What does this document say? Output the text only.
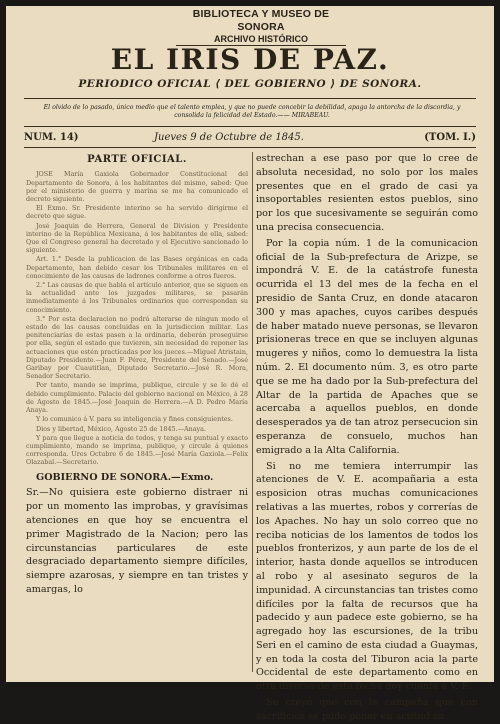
BIBLIOTECA Y MUSEO DE SONORA
ARCHIVO HISTÓRICO
EL IRIS DE PAZ.
PERIODICO OFICIAL ⟨ DEL GOBIERNO ⟩ DE SONORA.
El olvido de lo pasado, único medio que el talento emplea, y que no puede concebir la debilidad, apaga la antorcha de la discordia, y consolida la felicidad del Estado.—— MIRABEAU.
NUM. 14)	Jueves 9 de Octubre de 1845.	(TOM. I.)

PARTE OFICIAL.

JOSE María Gaxiola Gobernador Constitucional del Departamento de Sonora, á los habitantes del mismo, sabed: Que por el ministerio de guerra y marina se me ha comunicado el decreto siguiente.

El Exmo. Sr. Presidente interino se ha servido dirigirme el decreto que sigue.

José Joaquin de Herrera, General de Division y Presidente interino de la República Mexicana, á los habitantes de ella, sabed: Que el Congreso general ha decretado y el Ejecutivo sancionado lo siguiente.

Art. 1.° Desde la publicacion de las Bases orgánicas en cada Departamento, han debido cesar los Tribunales militares en el conocimiento de las causas de ladrones conforme a otros fueros.

2.° Las causas de que habla el artículo anterior, que se siguen en la actualidad ante los juzgados militares, se pasarán inmediatamente á los Tribunales ordinarios que correspondan su conocimiento.

3.° Por esta declaracion no podrá alterarse de ningun modo el estado de las causas concluidas en la jurisdiccion militar. Las penitenciarías de estas pasen a la ordinaria, deberán proseguirse por ella, según el estado que tuvieren, sin necesidad de reponer las actuaciones que estén practicadas por los jueces.—Miguel Atristain, Diputado Presidente.—Juan F. Pérez, Presidente del Senado.—José Garibay por Cuautitlan, Diputado Secretario.—José R. Mora, Senador Secretario.

Por tanto, mando se imprima, publique, circule y se le dé el debido cumplimiento. Palacio del gobierno nacional en México, á 28 de Agosto de 1845.—José Joaquin de Herrera.—A D. Pedro María Anaya.

Y lo comunico á V. para su inteligencia y fines consiguientes.

Dios y libertad, México, Agosto 25 de 1845.—Anaya.

Y para que llegue a noticia de todos, y tenga su puntual y exacto cumplimiento, mando se imprima, publique, y circule á quienes corresponda. Ures Octubre 6 de 1845.—José María Gaxiola.—Felix Olazabal.—Secretario.

GOBIERNO DE SONORA.—Exmo.

Sr.—No quisiera este gobierno distraer ni por un momento las improbas, y gravísimas atenciones en que hoy se encuentra el primer Magistrado de la Nacion; pero las circunstancias particulares de este desgraciado departamento siempre difíciles, siempre azarosas, y siempre en tan tristes y amargas, lo

estrechan a ese paso por que lo cree de absoluta necesidad, no solo por los males presentes que en el grado de casi ya insoportables resienten estos pueblos, sino por los que sucesivamente se seguirán como una precisa consecuencia.

Por la copia núm. 1 de la comunicacion oficial de la Sub-prefectura de Arizpe, se impondrá V. E. de la catástrofe funesta ocurrida el 13 del mes de la fecha en el presidio de Santa Cruz, en donde atacaron 300 y mas apaches, cuyos caribes después de haber matado nueve personas, se llevaron prisioneras trece en que se incluyen algunas mugeres y niños, como lo demuestra la lista núm. 2. El documento núm. 3, es otro parte que se me ha dado por la Sub-prefectura del Altar de la partida de Apaches que se acercaba a aquellos pueblos, en donde desesperados ya de tan atroz persecucion sin esperanza de consuelo, muchos han emigrado a la Alta California.

Si no me temiera interrumpir las atenciones de V. E. acompañaria a esta esposicion otras muchas comunicaciones relativas a las muertes, robos y correrías de los Apaches. No hay un solo correo que no reciba noticias de los lamentos de todos los pueblos fronterizos, y aun parte de los de el interior, hasta donde aquellos se introducen al robo y al asesinato seguros de la impunidad. A circunstancias tan tristes como difíciles por la falta de recursos que ha padecido y aun padece este gobierno, se ha agregado hoy las escursiones, de la tribu Seri en el camino de esta ciudad a Guaymas, y en toda la costa del Tiburon acia la parte Occidental de este departamento como en otra diversa de esta fecha doy cuenta a V. E.

Se creyó que con la campaña que con sacrificios se pudo poner en actitud en
